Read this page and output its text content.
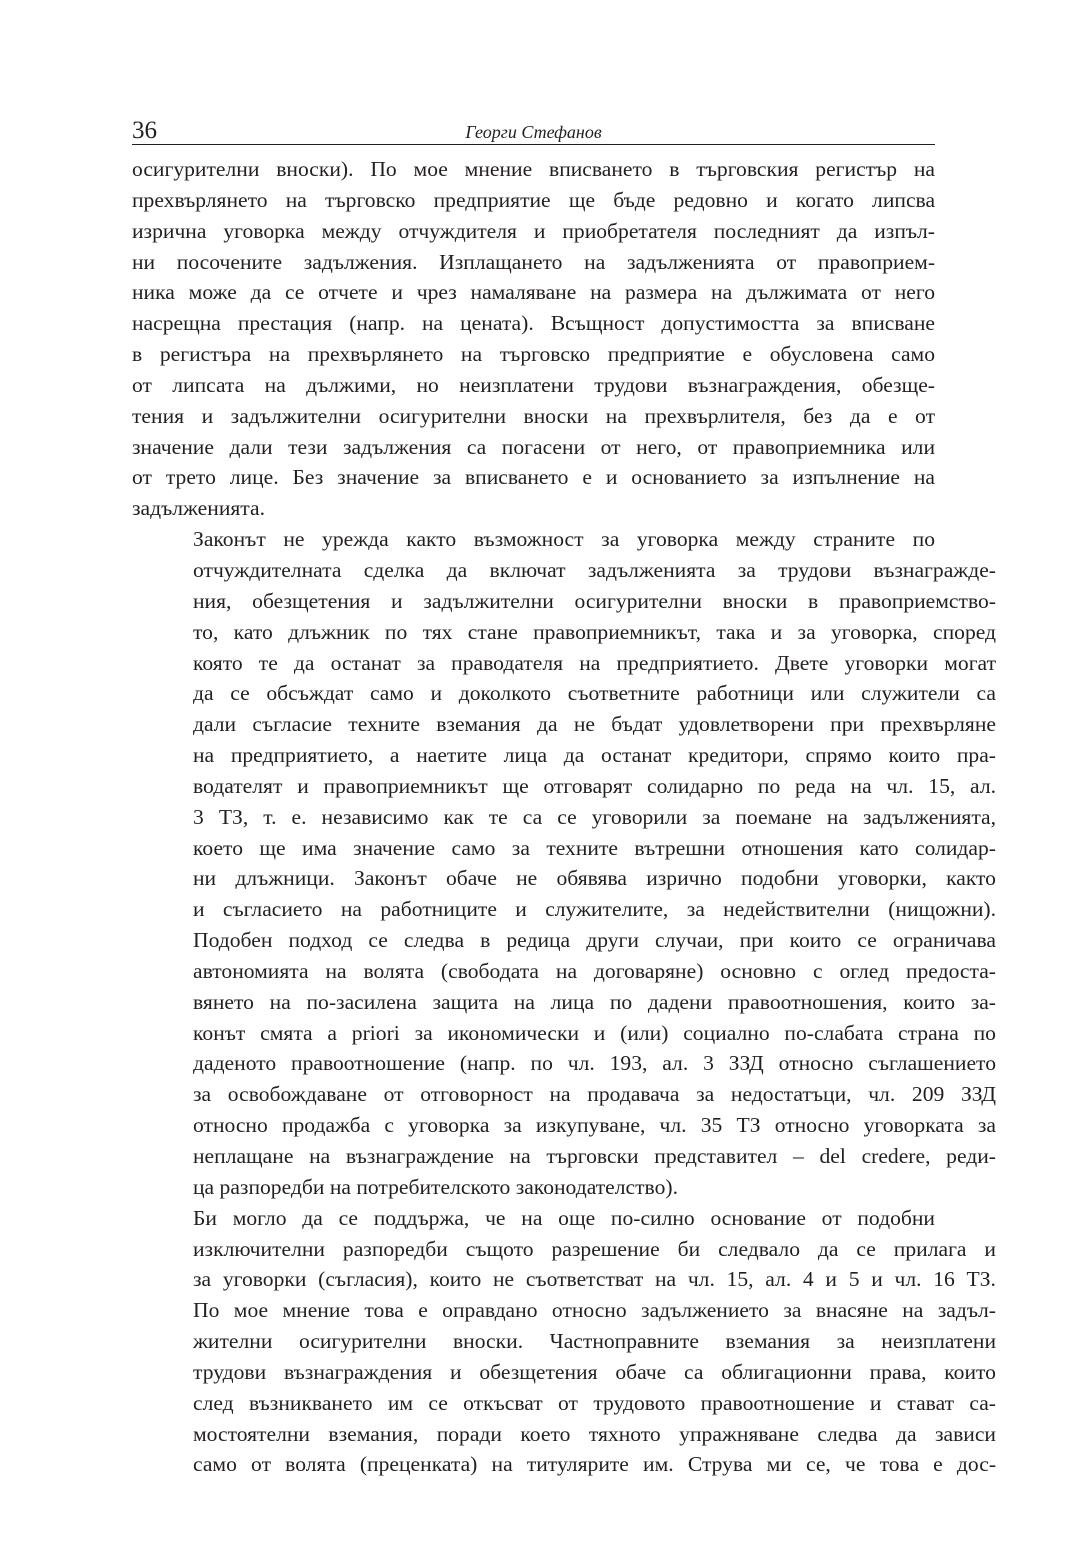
36	Георги Стефанов

осигурителни вноски). По мое мнение вписването в търговския регистър на
прехвърлянето на търговско предприятие ще бъде редовно и когато липсва
изрична уговорка между отчуждителя и приобретателя последният да изпъл-
ни посочените задължения. Изплащането на задълженията от правоприем-
ника може да се отчете и чрез намаляване на размера на дължимата от него
насрещна престация (напр. на цената). Всъщност допустимостта за вписване
в регистъра на прехвърлянето на търговско предприятие е обусловена само
от липсата на дължими, но неизплатени трудови възнаграждения, обезще-
тения и задължителни осигурителни вноски на прехвърлителя, без да е от
значение дали тези задължения са погасени от него, от правоприемника или
от трето лице. Без значение за вписването е и основанието за изпълнение на
задълженията.

Законът не урежда както възможност за уговорка между страните по
отчуждителната сделка да включат задълженията за трудови възнагражде-
ния, обезщетения и задължителни осигурителни вноски в правоприемство-
то, като длъжник по тях стане правоприемникът, така и за уговорка, според
която те да останат за праводателя на предприятието. Двете уговорки могат
да се обсъждат само и доколкото съответните работници или служители са
дали съгласие техните вземания да не бъдат удовлетворени при прехвърляне
на предприятието, а наетите лица да останат кредитори, спрямо които пра-
водателят и правоприемникът ще отговарят солидарно по реда на чл. 15, ал.
3 ТЗ, т. е. независимо как те са се уговорили за поемане на задълженията,
което ще има значение само за техните вътрешни отношения като солидар-
ни длъжници. Законът обаче не обявява изрично подобни уговорки, както
и съгласието на работниците и служителите, за недействителни (нищожни).
Подобен подход се следва в редица други случаи, при които се ограничава
автономията на волята (свободата на договаряне) основно с оглед предоста-
вянето на по-засилена защита на лица по дадени правоотношения, които за-
конът смята a priori за икономически и (или) социално по-слабата страна по
даденото правоотношение (напр. по чл. 193, ал. 3 ЗЗД относно съглашението
за освобождаване от отговорност на продавача за недостатъци, чл. 209 ЗЗД
относно продажба с уговорка за изкупуване, чл. 35 ТЗ относно уговорката за
неплащане на възнаграждение на търговски представител – del credere, реди-
ца разпоредби на потребителското законодателство).

Би могло да се поддържа, че на още по-силно основание от подобни
изключителни разпоредби същото разрешение би следвало да се прилага и
за уговорки (съгласия), които не съответстват на чл. 15, ал. 4 и 5 и чл. 16 ТЗ.
По мое мнение това е оправдано относно задължението за внасяне на задъл-
жителни осигурителни вноски. Частноправните вземания за неизплатени
трудови възнаграждения и обезщетения обаче са облигационни права, които
след възникването им се откъсват от трудовото правоотношение и стават са-
мостоятелни вземания, поради което тяхното упражняване следва да зависи
само от волята (преценката) на титулярите им. Струва ми се, че това е дос-
